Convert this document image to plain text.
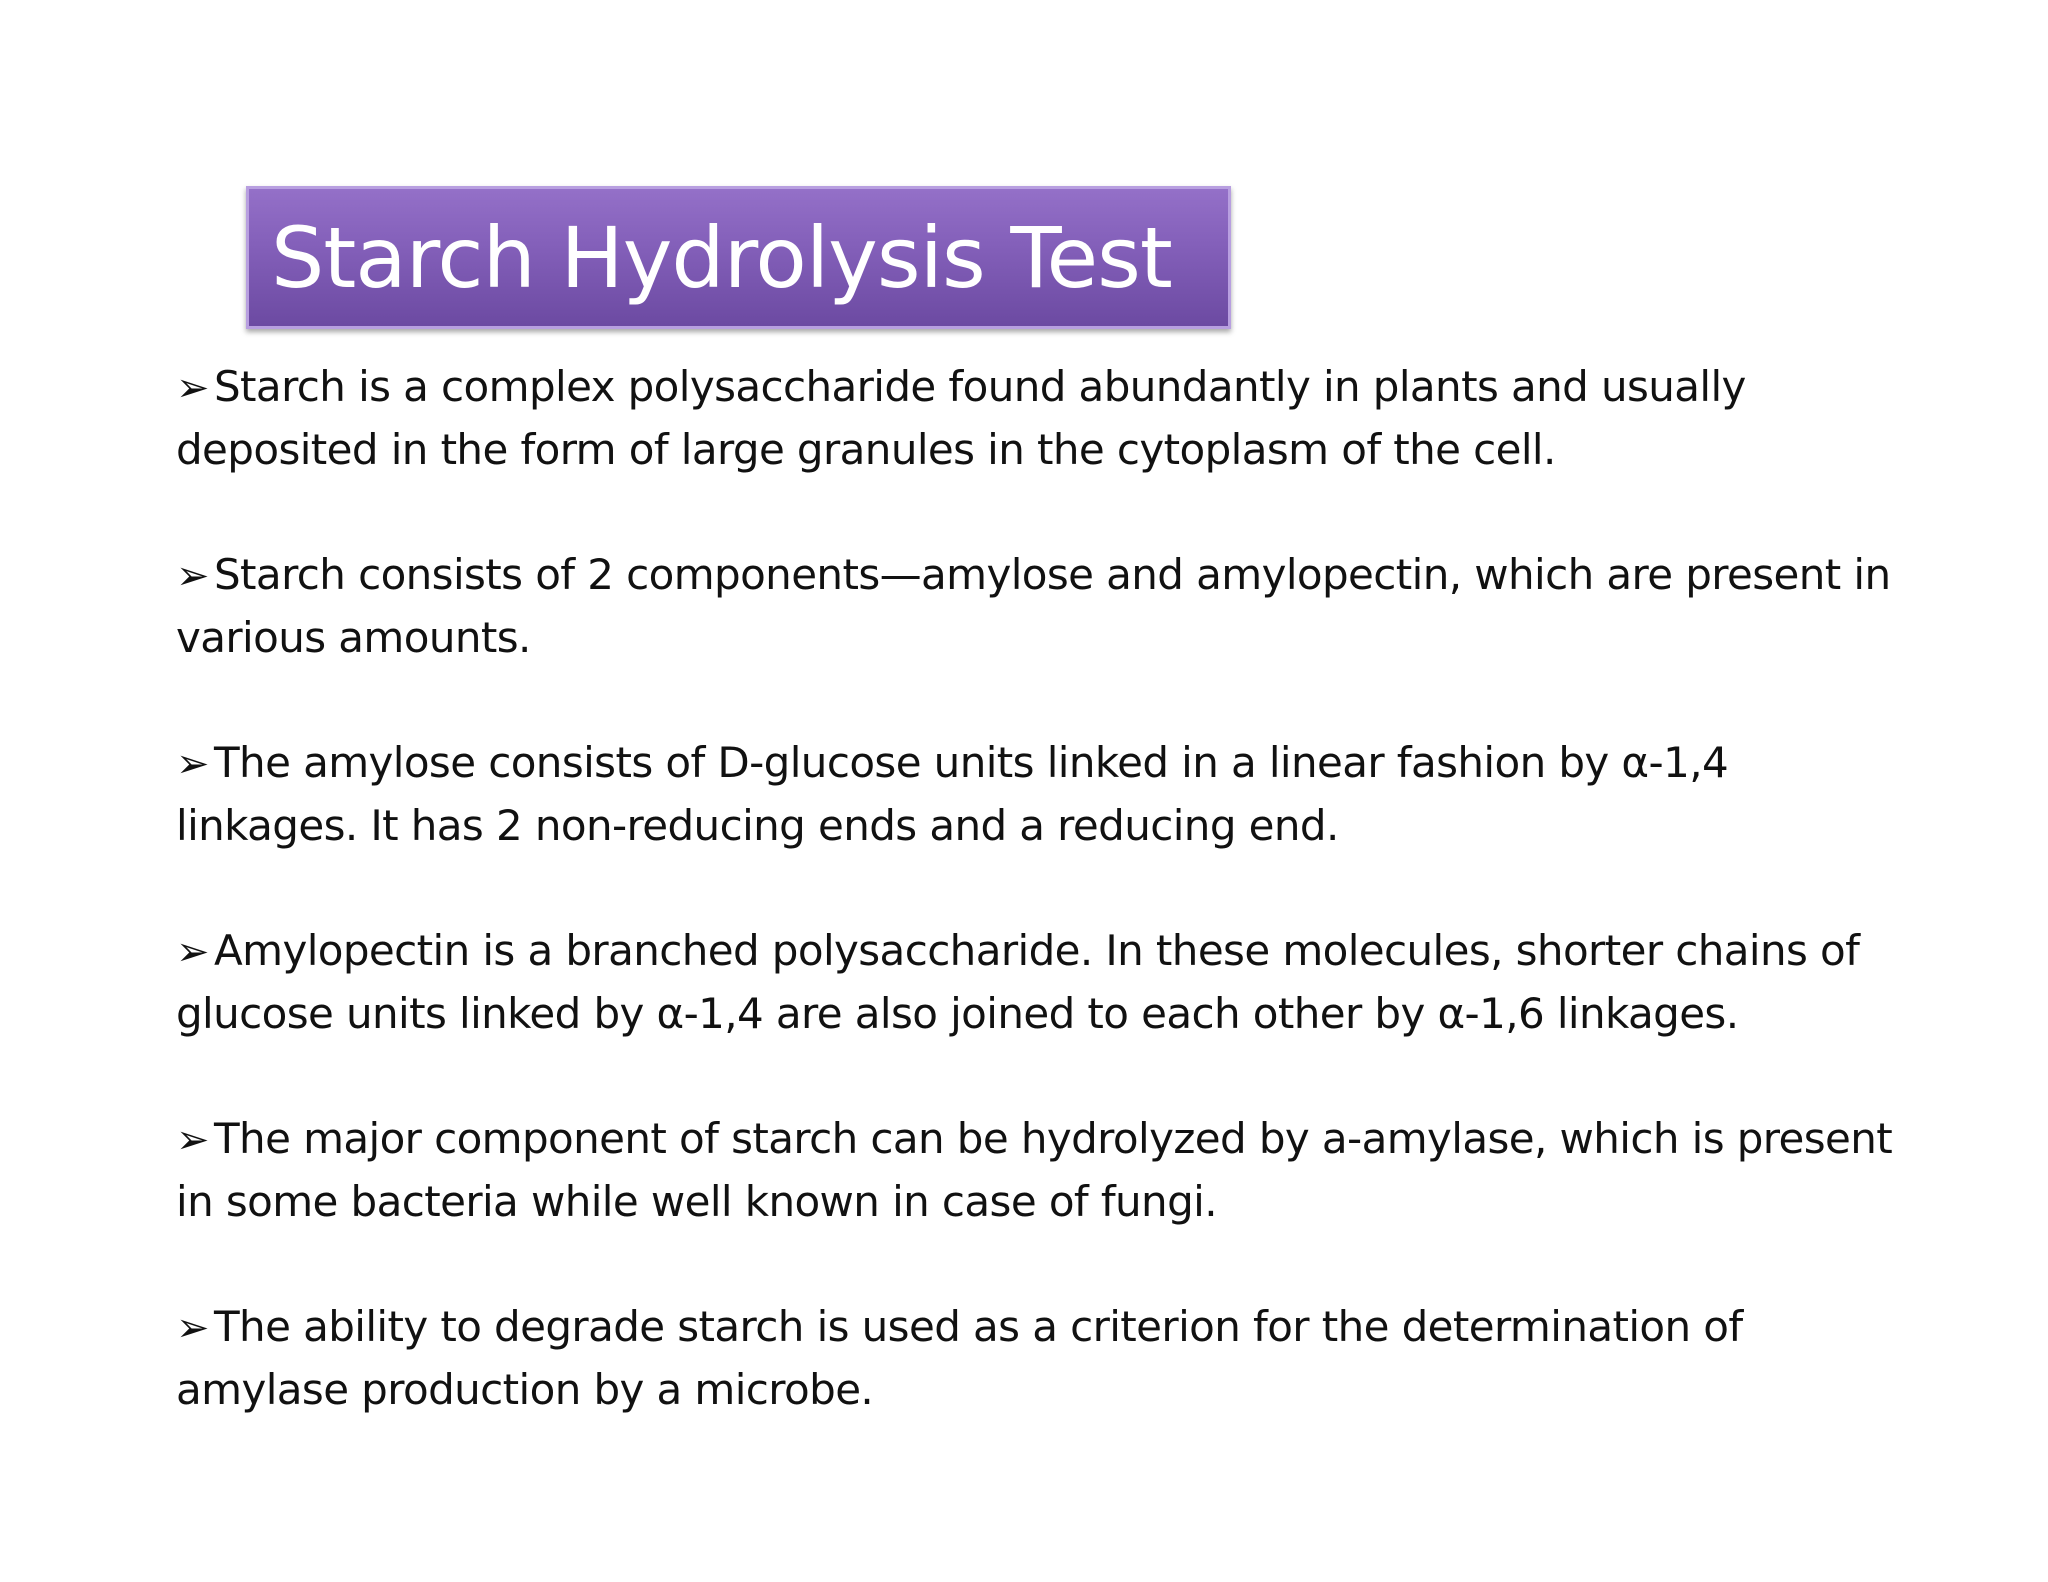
Starch Hydrolysis Test
➢ Starch is a complex polysaccharide found abundantly in plants and usually deposited in the form of large granules in the cytoplasm of the cell.
➢ Starch consists of 2 components—amylose and amylopectin, which are present in various amounts.
➢ The amylose consists of D-glucose units linked in a linear fashion by α-1,4 linkages. It has 2 non-reducing ends and a reducing end.
➢ Amylopectin is a branched polysaccharide. In these molecules, shorter chains of glucose units linked by α-1,4 are also joined to each other by α-1,6 linkages.
➢ The major component of starch can be hydrolyzed by a-amylase, which is present in some bacteria while well known in case of fungi.
➢ The ability to degrade starch is used as a criterion for the determination of amylase production by a microbe.
